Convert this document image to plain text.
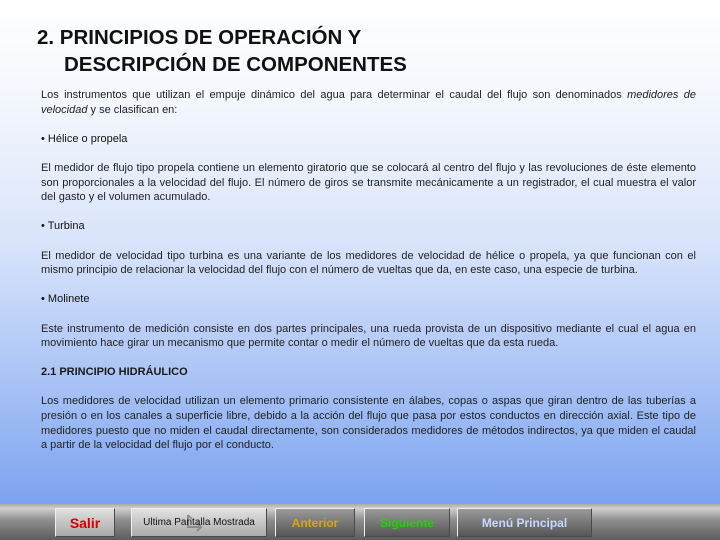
2. PRINCIPIOS DE OPERACIÓN Y
DESCRIPCIÓN DE COMPONENTES

Los instrumentos que utilizan el empuje dinámico del agua para determinar el caudal del flujo son denominados medidores de velocidad y se clasifican en:

• Hélice o propela

El medidor de flujo tipo propela contiene un elemento giratorio que se colocará al centro del flujo y las revoluciones de éste elemento son proporcionales a la velocidad del flujo. El número de giros se transmite mecánicamente a un registrador, el cual muestra el valor del gasto y el volumen acumulado.

• Turbina

El medidor de velocidad tipo turbina es una variante de los medidores de velocidad de hélice o propela, ya que funcionan con el mismo principio de relacionar la velocidad del flujo con el número de vueltas que da, en este caso, una especie de turbina.

• Molinete

Este instrumento de medición consiste en dos partes principales, una rueda provista de un dispositivo mediante el cual el agua en movimiento hace girar un mecanismo que permite contar o medir el número de vueltas que da esta rueda.

2.1 PRINCIPIO HIDRÁULICO

Los medidores de velocidad utilizan un elemento primario consistente en álabes, copas o aspas que giran dentro de las tuberías a presión o en los canales a superficie libre, debido a la acción del flujo que pasa por estos conductos en dirección axial. Este tipo de medidores puesto que no miden el caudal directamente, son considerados medidores de métodos indirectos, ya que miden el caudal a partir de la velocidad del flujo por el conducto.

Salir	Ultima Pantalla Mostrada	Anterior	Siguiente	Menú Principal
